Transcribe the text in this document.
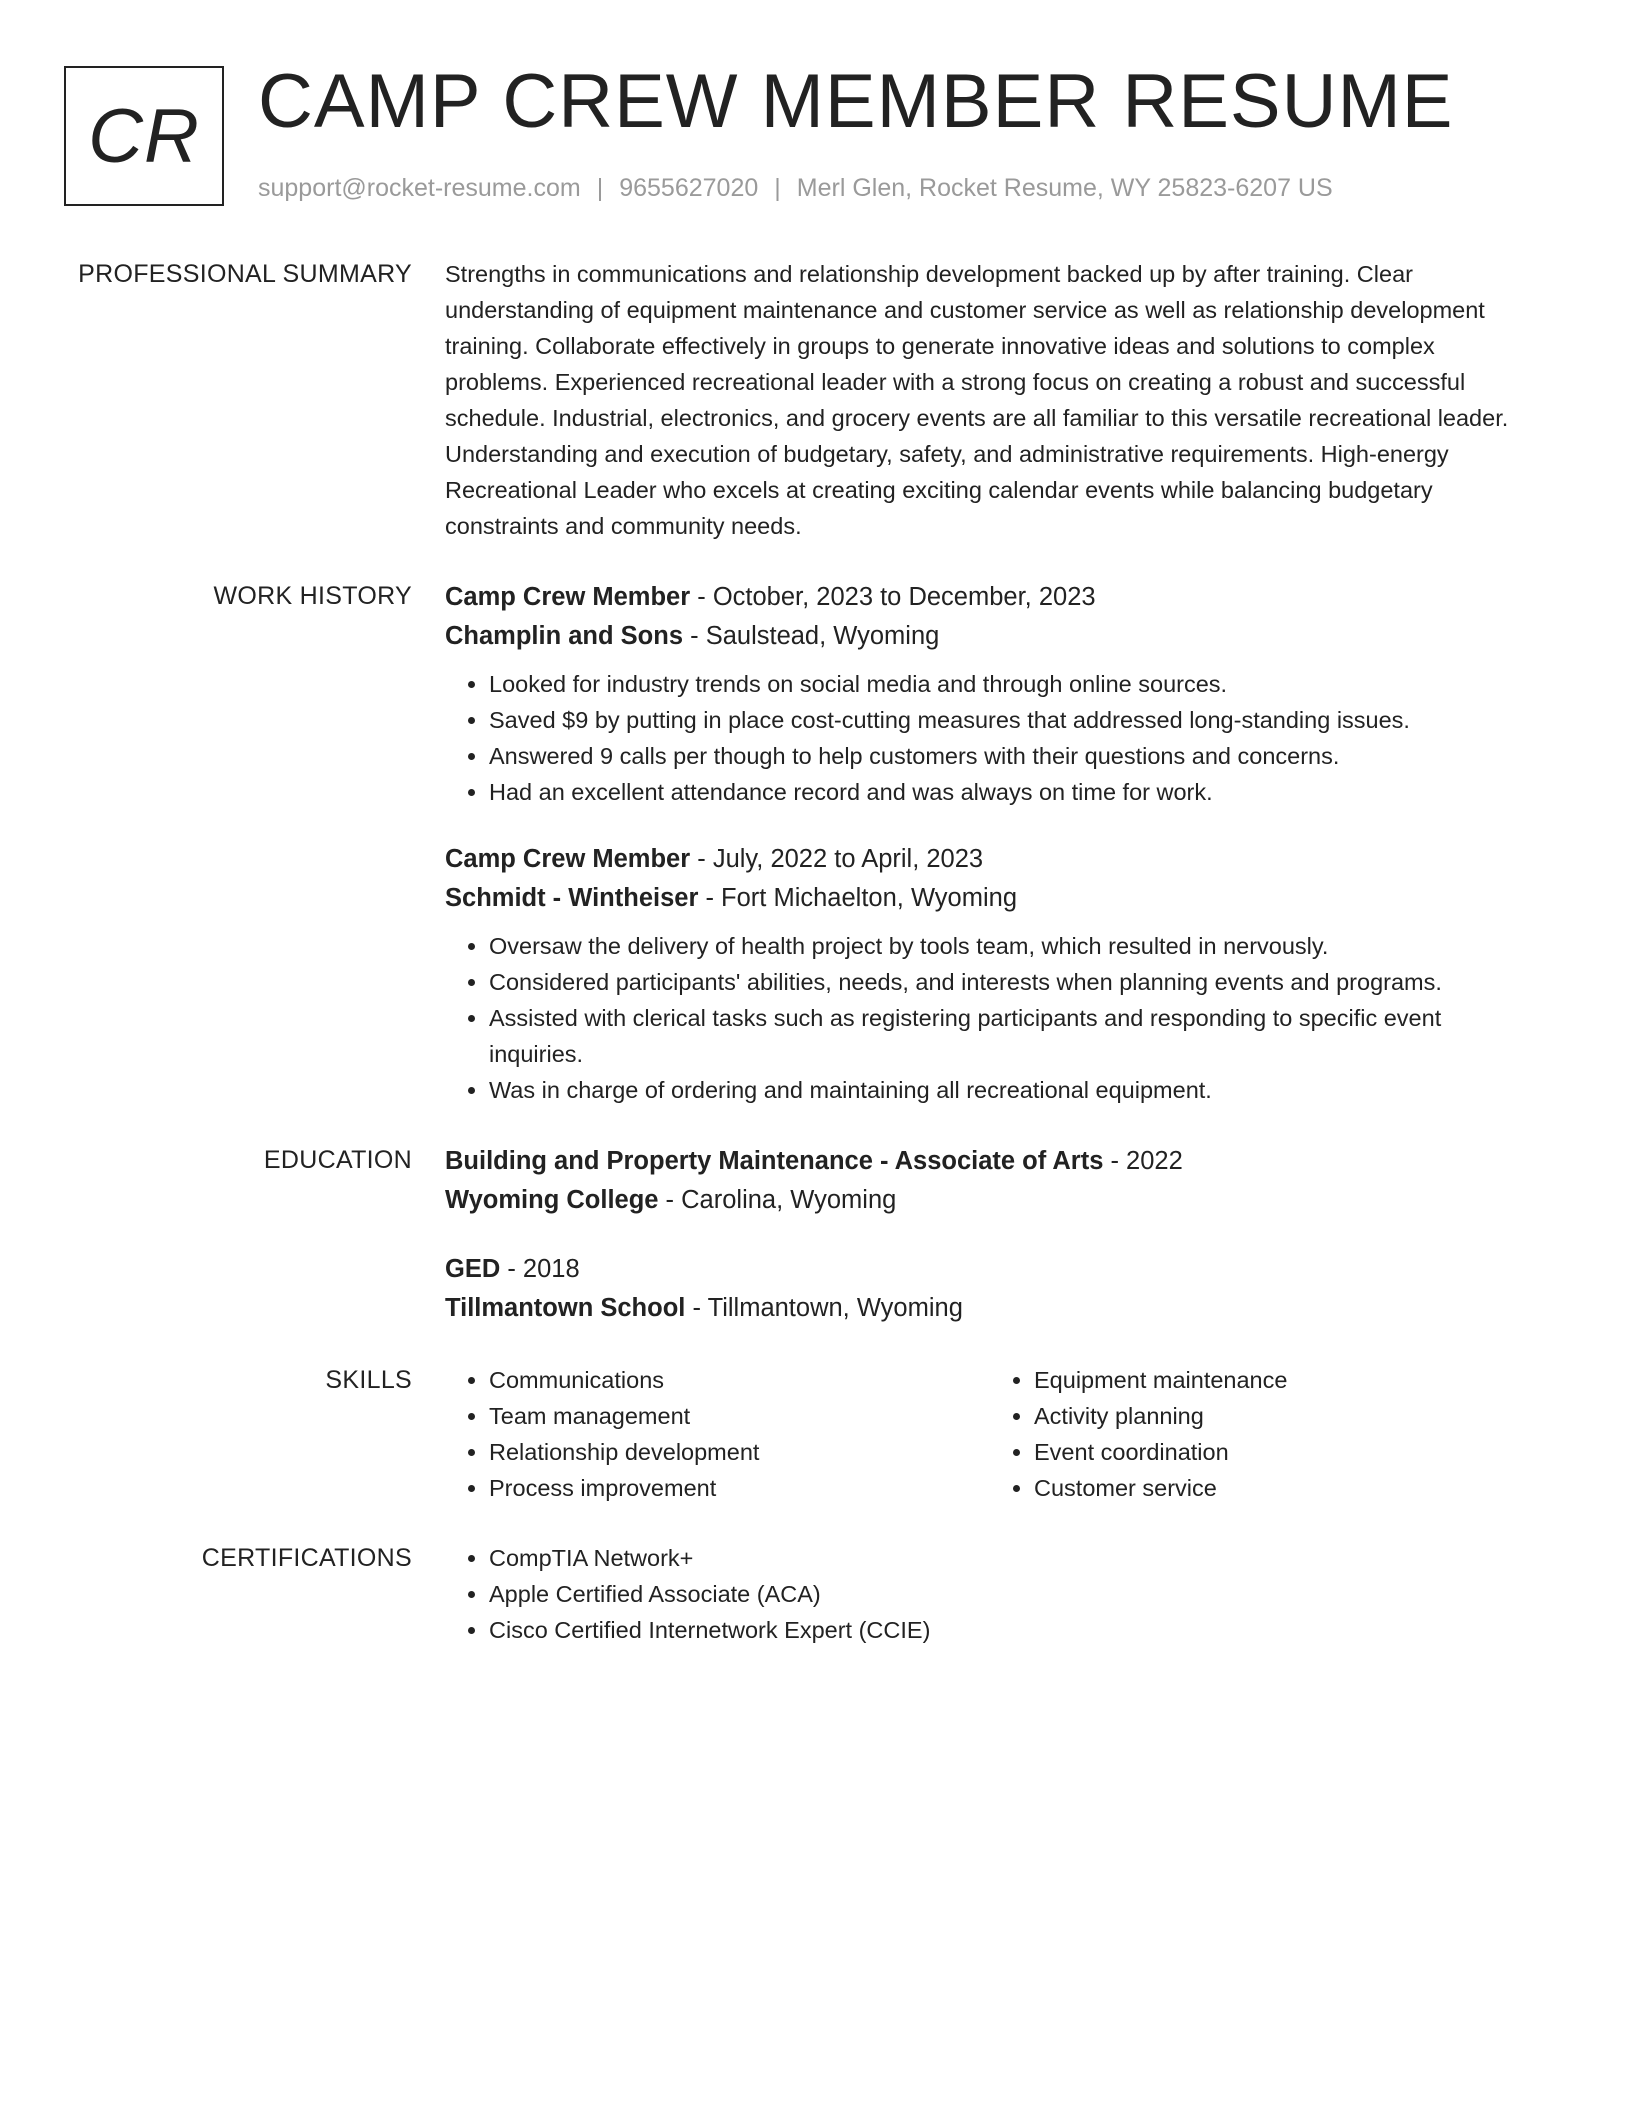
CR CAMP CREW MEMBER RESUME
support@rocket-resume.com | 9655627020 | Merl Glen, Rocket Resume, WY 25823-6207 US
PROFESSIONAL SUMMARY Strengths in communications and relationship development backed up by after training. Clear understanding of equipment maintenance and customer service as well as relationship development training. Collaborate effectively in groups to generate innovative ideas and solutions to complex problems. Experienced recreational leader with a strong focus on creating a robust and successful schedule. Industrial, electronics, and grocery events are all familiar to this versatile recreational leader. Understanding and execution of budgetary, safety, and administrative requirements. High-energy Recreational Leader who excels at creating exciting calendar events while balancing budgetary constraints and community needs.

WORK HISTORY Camp Crew Member - October, 2023 to December, 2023
Champlin and Sons - Saulstead, Wyoming
• Looked for industry trends on social media and through online sources.
• Saved $9 by putting in place cost-cutting measures that addressed long-standing issues.
• Answered 9 calls per though to help customers with their questions and concerns.
• Had an excellent attendance record and was always on time for work.
Camp Crew Member - July, 2022 to April, 2023
Schmidt - Wintheiser - Fort Michaelton, Wyoming
• Oversaw the delivery of health project by tools team, which resulted in nervously.
• Considered participants' abilities, needs, and interests when planning events and programs.
• Assisted with clerical tasks such as registering participants and responding to specific event inquiries.
• Was in charge of ordering and maintaining all recreational equipment.
EDUCATION Building and Property Maintenance - Associate of Arts - 2022
Wyoming College - Carolina, Wyoming
GED - 2018
Tillmantown School - Tillmantown, Wyoming
SKILLS	• Communications
• Team management
• Relationship development
• Process improvement
• Equipment maintenance
• Activity planning
• Event coordination
• Customer service
CERTIFICATIONS	• CompTIA Network+
• Apple Certified Associate (ACA)
• Cisco Certified Internetwork Expert (CCIE)
